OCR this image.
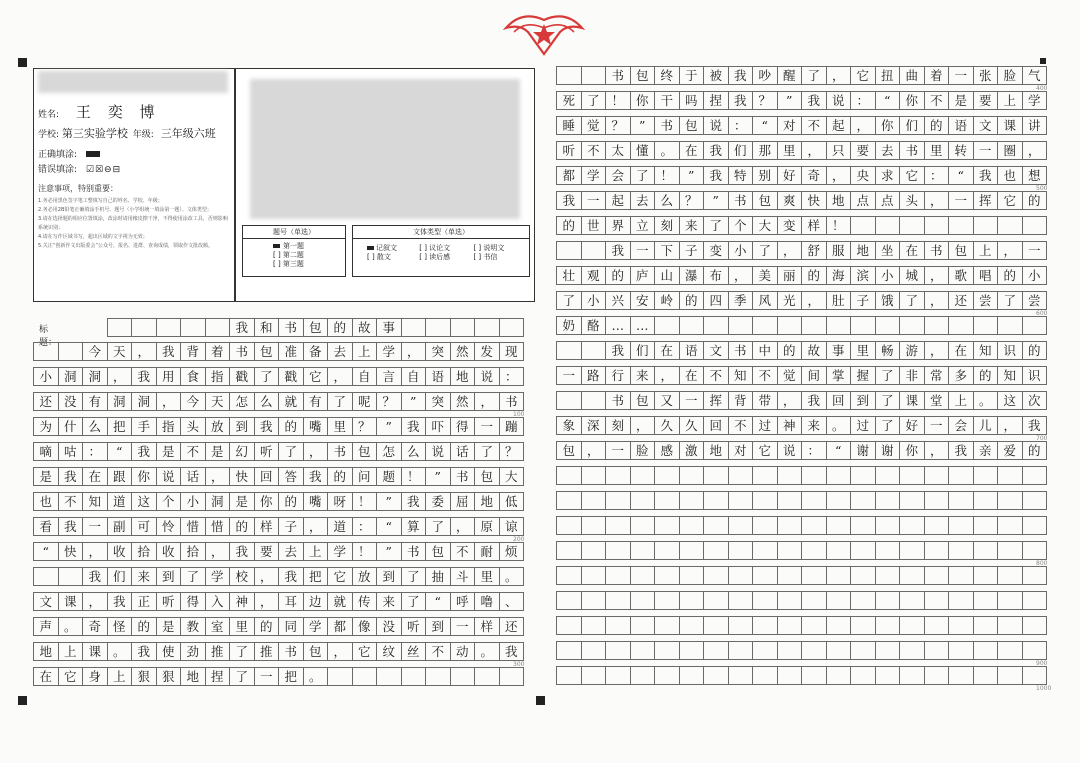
姓名: 王 奕 博
学校: 第三实验学校 年级: 三年级六班
正确填涂:
错误填涂: ☑☒⊖⊟
注意事项，特别重要：
1.务必用黑色签字笔工整填写自己的姓名、学校、年级；
2.务必用2B铅笔正确填涂手机号、题号（小学组统一填涂第一题）、文体类型；
3.请在选择题的相应位置填涂，改涂时请用橡皮擦干净，不得使用涂改工具，否则影响系统识别；
4.请在写作区域书写，超出区域的文字视为无效；
5.关注“创新作文出版委会”公众号，报名、进群、查询成绩，领取作文批改额。
题号（单选）
第一题
[ ] 第二题
[ ] 第三题
文体类型（单选）
记叙文	[ ] 议论文	[ ] 说明文 [ ] 散文	[ ] 读后感	[ ] 书信
我 和 书 包 的 故 事
标 题：
今 天 ， 我 背 着 书 包 准 备 去 上 学 ， 突 然 发 现
小 洞 洞 ， 我 用 食 指 戳 了 戳 它 ， 自 言 自 语 地 说 ：
还 没 有 洞 洞 ， 今 天 怎 么 就 有 了 呢 ？	”	突 然 ， 书
为 什 么 把 手 指 头 放 到 我 的 嘴 里 ？	”	我 吓 得 一 蹦
嘀 咕 ：	“	我 是 不 是 幻 听 了 ， 书 包 怎 么 说 话 了 ？
是 我 在 跟 你 说 话 ， 快 回 答 我 的 问 题 ！	”	书 包 大
也 不 知 道 这 个 小 洞 是 你 的 嘴 呀 ！	”	我 委 屈 地 低
看 我 一 副 可 怜 惜 惜 的 样 子 ， 道 ：	“	算 了 ， 原 谅
“	快 ， 收 拾 收 拾 ， 我 要 去 上 学 ！	”	书 包 不 耐 烦
我 们 来 到 了 学 校 ， 我 把 它 放 到 了 抽 斗 里 。
文 课 ， 我 正 听 得 入 神 ， 耳 边 就 传 来 了	“	呼 噜 、
声 。 奇 怪 的 是 教 室 里 的 同 学 都 像 没 听 到 一 样 还
地 上 课 。 我 使 劲 推 了 推 书 包 ， 它 纹 丝 不 动 。 我
在 它 身 上 狠 狠 地 捏 了 一 把 。
100
200
300
书 包 终 于 被 我 吵 醒 了 ， 它 扭 曲 着 一 张 脸 气
死 了 ！ 你 干 吗 捏 我 ？	”	我 说 ：	“	你 不 是 要 上 学
睡 觉 ？	”	书 包 说 ：	“	对 不 起 ， 你 们 的 语 文 课 讲
听 不 太 懂 。 在 我 们 那 里 ， 只 要 去 书 里 转 一 圈 ，
都 学 会 了 ！	”	我 特 别 好 奇 ， 央 求 它 ：	“	我 也 想
我 一 起 去 么 ？	”	书 包 爽 快 地 点 点 头 ， 一 挥 它 的
的 世 界 立 刻 来 了 个 大 变 样 ！
我 一 下 子 变 小 了 ， 舒 服 地 坐 在 书 包 上 ， 一
壮 观 的 庐 山 瀑 布 ， 美 丽 的 海 滨 小 城 ， 歌 唱 的 小
了 小 兴 安 岭 的 四 季 风 光 ， 肚 子 饿 了 ， 还 尝 了 尝
奶 酪 … …
我 们 在 语 文 书 中 的 故 事 里 畅 游 ， 在 知 识 的
一 路 行 来 ， 在 不 知 不 觉 间 掌 握 了 非 常 多 的 知 识
书 包 又 一 挥 背 带 ， 我 回 到 了 课 堂 上 。 这 次
象 深 刻 ， 久 久 回 不 过 神 来 。 过 了 好 一 会 儿 ， 我
包 ， 一 脸 感 激 地 对 它 说 ：	“	谢 谢 你 ， 我 亲 爱 的
400
500
600
700
800
900
1000
